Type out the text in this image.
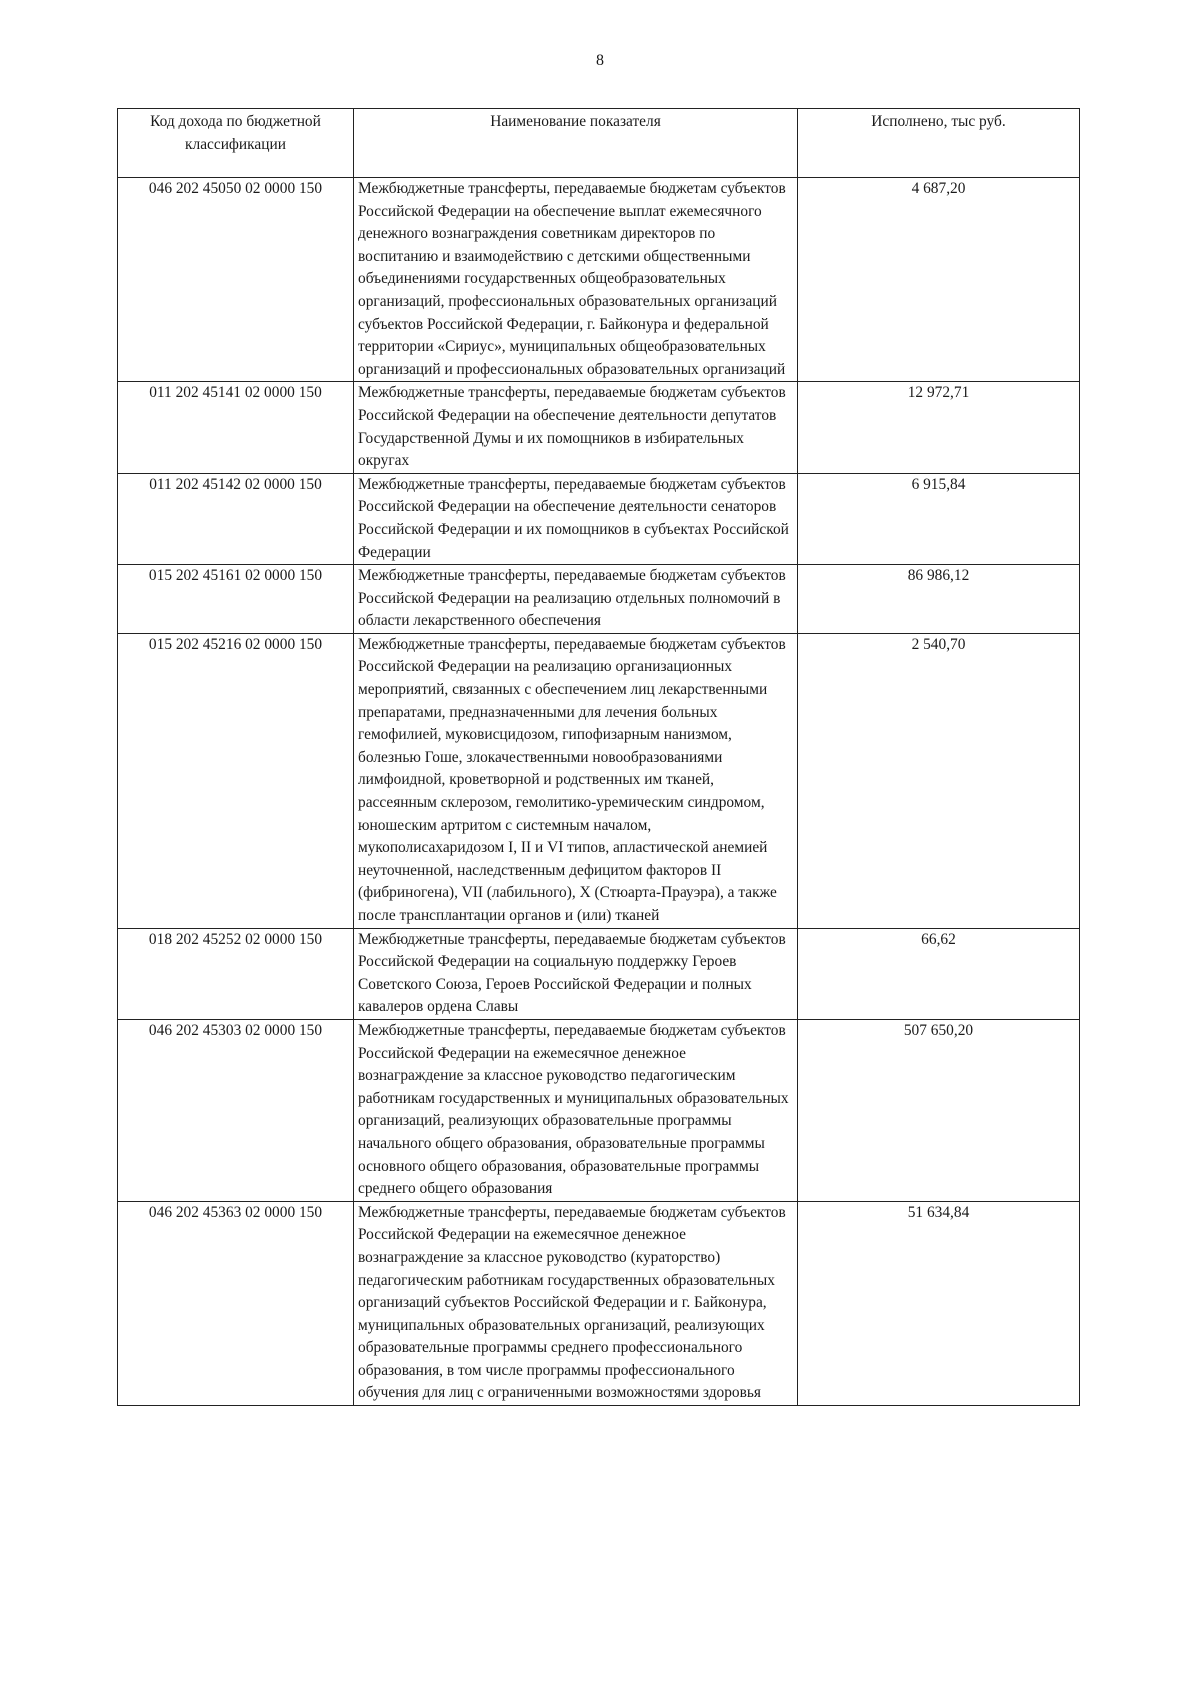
8
Код дохода по бюджетной классификации	Наименование показателя	Исполнено, тыс руб.
046 202 45050 02 0000 150	Межбюджетные трансферты, передаваемые бюджетам субъектов Российской Федерации на обеспечение выплат ежемесячного денежного вознаграждения советникам директоров по воспитанию и взаимодействию с детскими общественными объединениями государственных общеобразовательных организаций, профессиональных образовательных организаций субъектов Российской Федерации, г. Байконура и федеральной территории «Сириус», муниципальных общеобразовательных организаций и профессиональных образовательных организаций	4 687,20
011 202 45141 02 0000 150	Межбюджетные трансферты, передаваемые бюджетам субъектов Российской Федерации на обеспечение деятельности депутатов Государственной Думы и их помощников в избирательных округах	12 972,71
011 202 45142 02 0000 150	Межбюджетные трансферты, передаваемые бюджетам субъектов Российской Федерации на обеспечение деятельности сенаторов Российской Федерации и их помощников в субъектах Российской Федерации	6 915,84
015 202 45161 02 0000 150	Межбюджетные трансферты, передаваемые бюджетам субъектов Российской Федерации на реализацию отдельных полномочий в области лекарственного обеспечения	86 986,12
015 202 45216 02 0000 150	Межбюджетные трансферты, передаваемые бюджетам субъектов Российской Федерации на реализацию организационных мероприятий, связанных с обеспечением лиц лекарственными препаратами, предназначенными для лечения больных гемофилией, муковисцидозом, гипофизарным нанизмом, болезнью Гоше, злокачественными новообразованиями лимфоидной, кроветворной и родственных им тканей, рассеянным склерозом, гемолитико-уремическим синдромом, юношеским артритом с системным началом, мукополисахаридозом I, II и VI типов, апластической анемией неуточненной, наследственным дефицитом факторов II (фибриногена), VII (лабильного), X (Стюарта-Прауэра), а также после трансплантации органов и (или) тканей	2 540,70
018 202 45252 02 0000 150	Межбюджетные трансферты, передаваемые бюджетам субъектов Российской Федерации на социальную поддержку Героев Советского Союза, Героев Российской Федерации и полных кавалеров ордена Славы	66,62
046 202 45303 02 0000 150	Межбюджетные трансферты, передаваемые бюджетам субъектов Российской Федерации на ежемесячное денежное вознаграждение за классное руководство педагогическим работникам государственных и муниципальных образовательных организаций, реализующих образовательные программы начального общего образования, образовательные программы основного общего образования, образовательные программы среднего общего образования	507 650,20
046 202 45363 02 0000 150	Межбюджетные трансферты, передаваемые бюджетам субъектов Российской Федерации на ежемесячное денежное вознаграждение за классное руководство (кураторство) педагогическим работникам государственных образовательных организаций субъектов Российской Федерации и г. Байконура, муниципальных образовательных организаций, реализующих образовательные программы среднего профессионального образования, в том числе программы профессионального обучения для лиц с ограниченными возможностями здоровья	51 634,84
